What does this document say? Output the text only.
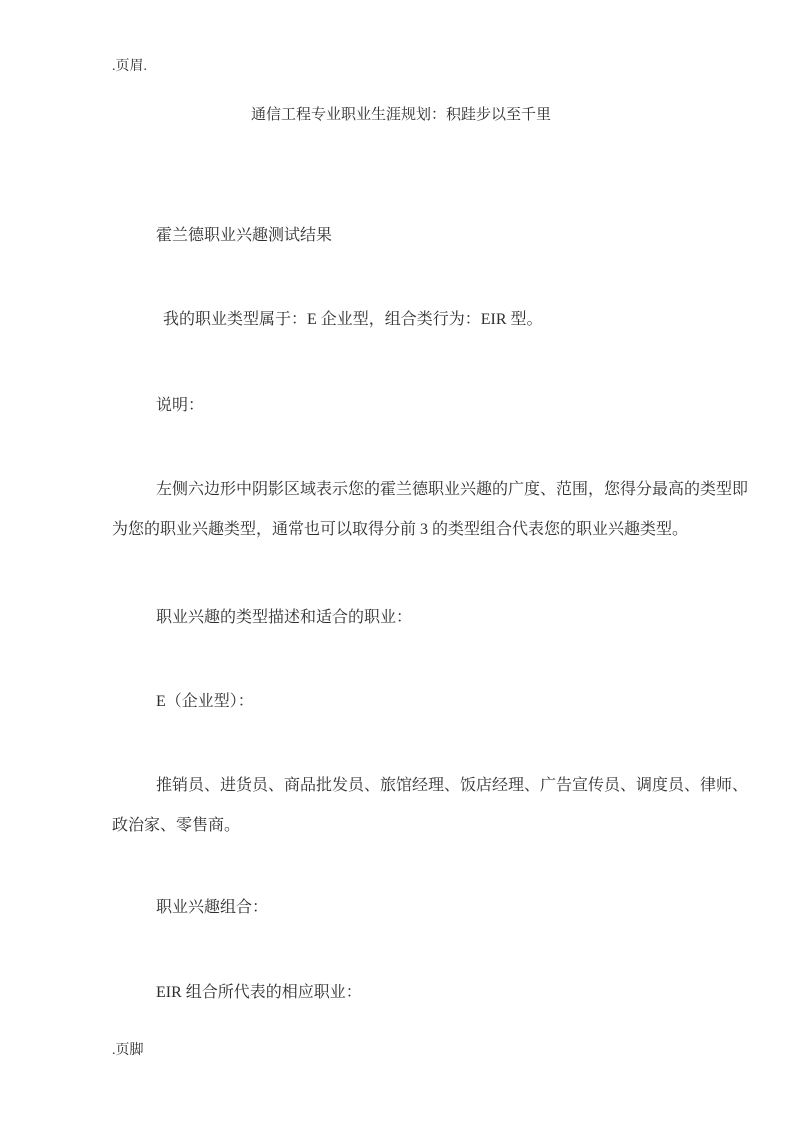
.页眉.
通信工程专业职业生涯规划：积跬步以至千里
霍兰德职业兴趣测试结果
我的职业类型属于：E 企业型，组合类行为：EIR 型。
说明：
左侧六边形中阴影区域表示您的霍兰德职业兴趣的广度、范围，您得分最高的类型即
为您的职业兴趣类型，通常也可以取得分前 3 的类型组合代表您的职业兴趣类型。
职业兴趣的类型描述和适合的职业：
E（企业型）：
推销员、进货员、商品批发员、旅馆经理、饭店经理、广告宣传员、调度员、律师、
政治家、零售商。
职业兴趣组合：
EIR 组合所代表的相应职业：
.页脚
